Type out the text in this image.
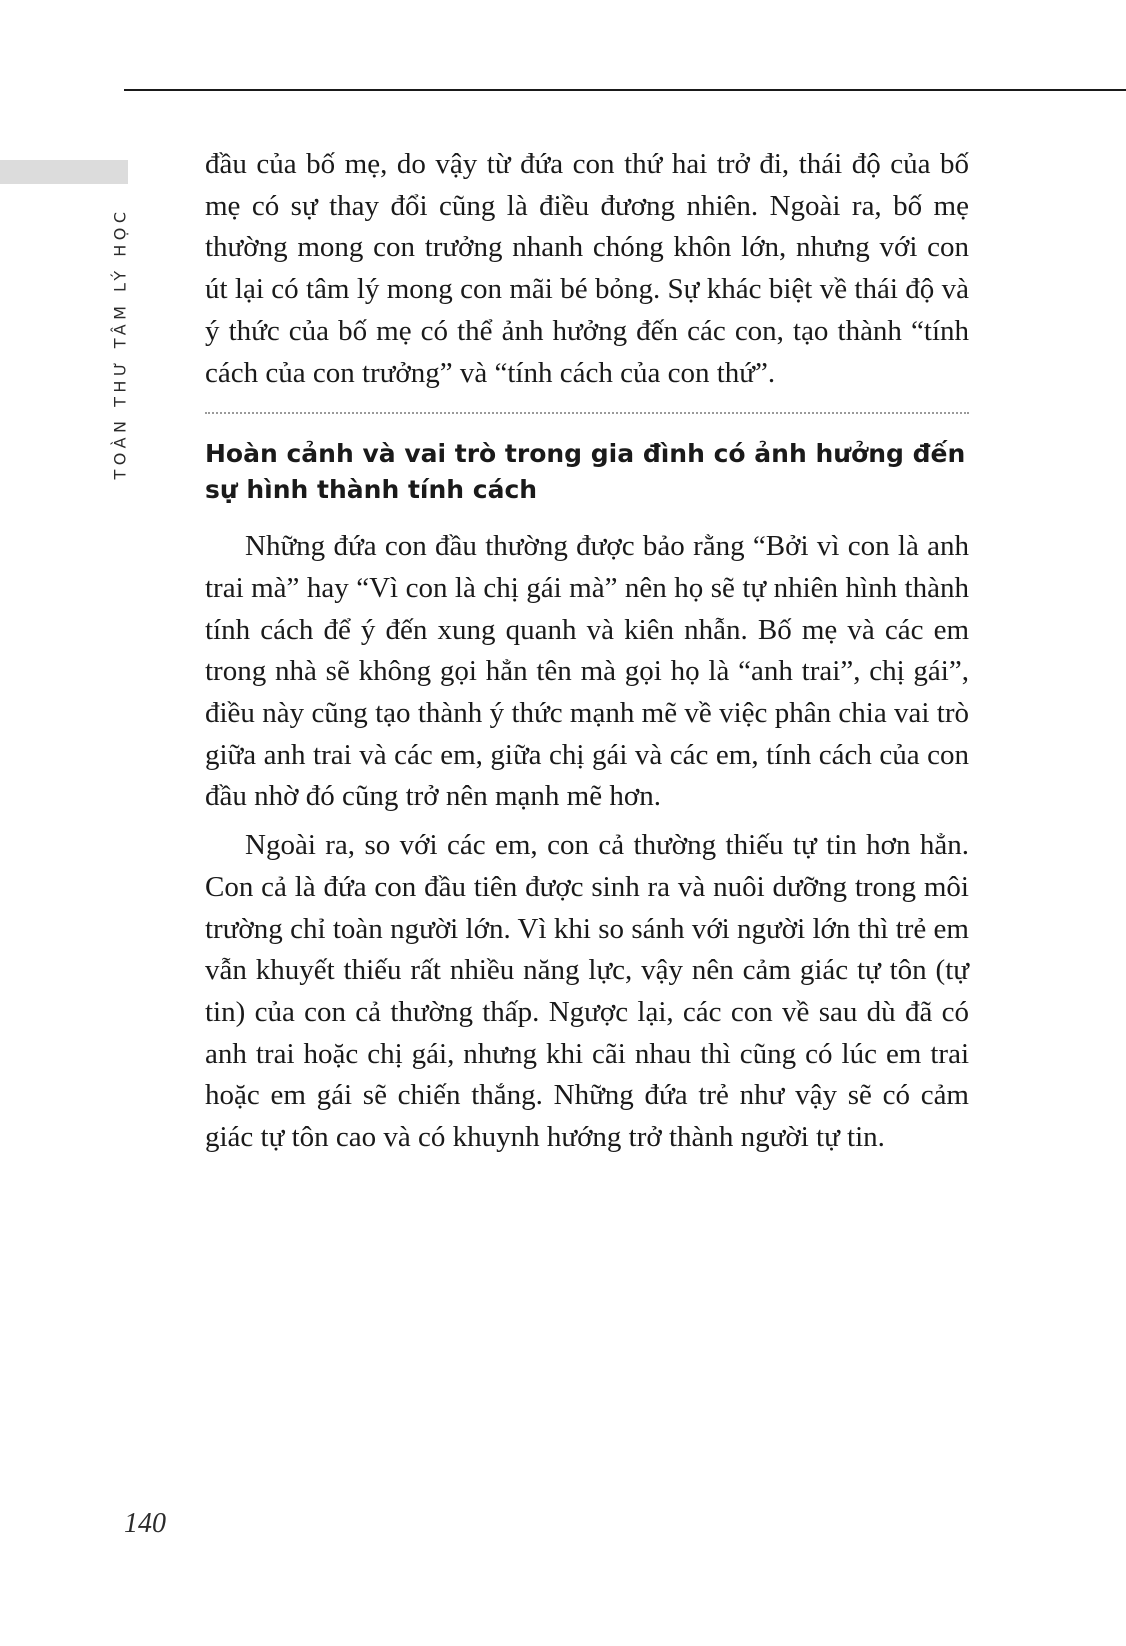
TOÀN THƯ TÂM LÝ HỌC

đầu của bố mẹ, do vậy từ đứa con thứ hai trở đi, thái độ của bố mẹ có sự thay đổi cũng là điều đương nhiên. Ngoài ra, bố mẹ thường mong con trưởng nhanh chóng khôn lớn, nhưng với con út lại có tâm lý mong con mãi bé bỏng. Sự khác biệt về thái độ và ý thức của bố mẹ có thể ảnh hưởng đến các con, tạo thành “tính cách của con trưởng” và “tính cách của con thứ”.

Hoàn cảnh và vai trò trong gia đình có ảnh hưởng đến sự hình thành tính cách

Những đứa con đầu thường được bảo rằng “Bởi vì con là anh trai mà” hay “Vì con là chị gái mà” nên họ sẽ tự nhiên hình thành tính cách để ý đến xung quanh và kiên nhẫn. Bố mẹ và các em trong nhà sẽ không gọi hẳn tên mà gọi họ là “anh trai”, chị gái”, điều này cũng tạo thành ý thức mạnh mẽ về việc phân chia vai trò giữa anh trai và các em, giữa chị gái và các em, tính cách của con đầu nhờ đó cũng trở nên mạnh mẽ hơn.

Ngoài ra, so với các em, con cả thường thiếu tự tin hơn hẳn. Con cả là đứa con đầu tiên được sinh ra và nuôi dưỡng trong môi trường chỉ toàn người lớn. Vì khi so sánh với người lớn thì trẻ em vẫn khuyết thiếu rất nhiều năng lực, vậy nên cảm giác tự tôn (tự tin) của con cả thường thấp. Ngược lại, các con về sau dù đã có anh trai hoặc chị gái, nhưng khi cãi nhau thì cũng có lúc em trai hoặc em gái sẽ chiến thắng. Những đứa trẻ như vậy sẽ có cảm giác tự tôn cao và có khuynh hướng trở thành người tự tin.

140
